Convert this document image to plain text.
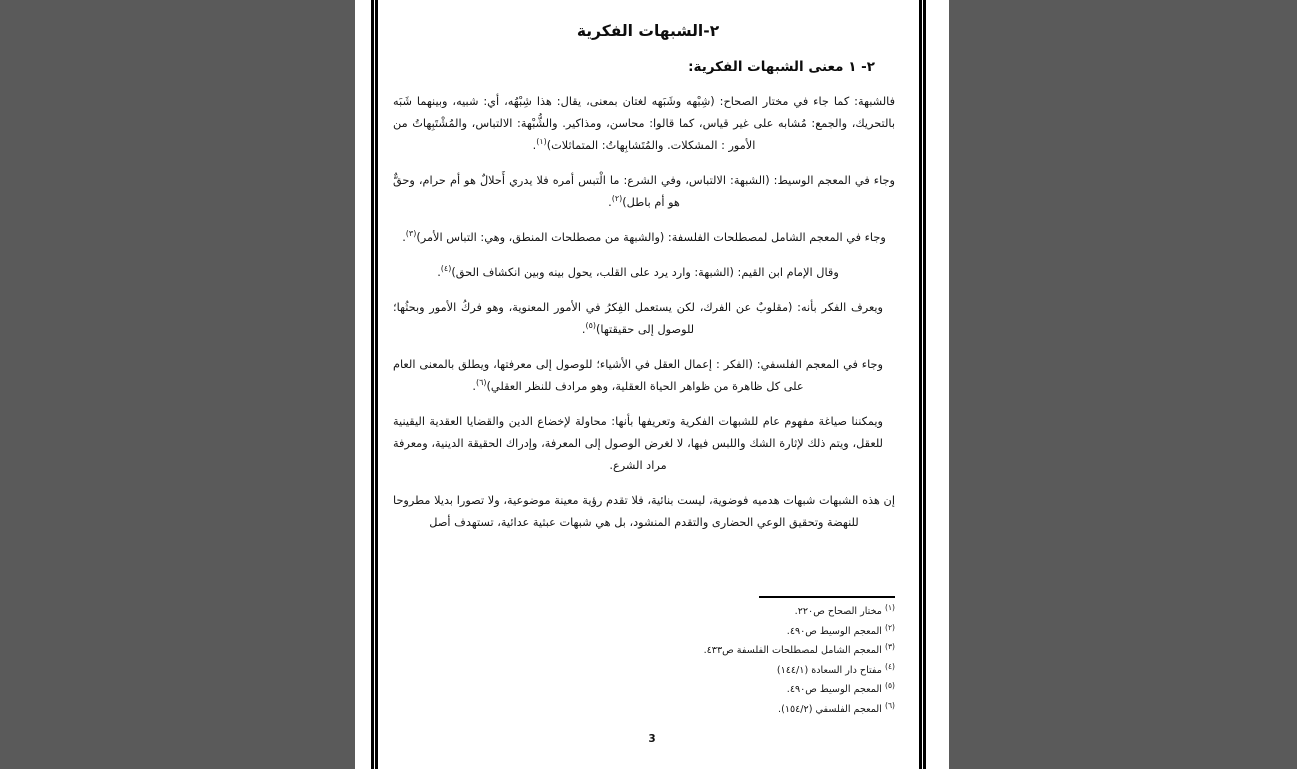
٢-الشبهات الفكرية
٢- ١ معنى الشبهات الفكرية:

فالشبهة: كما جاء في مختار الصحاح: (شِبْهه وشَبَهه لغتان بمعنى، يقال: هذا شِبْهُه، أي: شبيه، وبينهما شَبَه بالتحريك، والجمع: مُشابه على غير قياس، كما قالوا: محاسن، ومذاكير. والشُّبْهة: الالتباس، والمُشْتَبِهاتُ من الأمور : المشكلات. والمُتَشابِهاتُ: المتماثلات)$^{(١)}$.

وجاء في المعجم الوسيط: (الشبهة: الالتباس، وفي الشرع: ما الْتبس أمره فلا يدري أَحلالٌ هو أم حرام، وحقٌّ هو أم باطل)$^{(٢)}$.

وجاء في المعجم الشامل لمصطلحات الفلسفة: (والشبهة من مصطلحات المنطق، وهي: التباس الأمر)$^{(٣)}$.

وقال الإمام ابن القيم: (الشبهة: وارد يرد على القلب، يحول بينه وبين انكشاف الحق)$^{(٤)}$.

ويعرف الفكر بأنه: (مقلوبٌ عن الفرك، لكن يستعمل الفِكرُ في الأمور المعنوية، وهو فركُ الأمور وبحثُها؛ للوصول إلى حقيقتها)$^{(٥)}$.

وجاء في المعجم الفلسفي: (الفكر : إعمال العقل في الأشياء؛ للوصول إلى معرفتها، ويطلق بالمعنى العام على كل ظاهرة من ظواهر الحياة العقلية، وهو مرادف للنظر العقلي)$^{(٦)}$.

ويمكننا صياغة مفهوم عام للشبهات الفكرية وتعريفها بأنها: محاولة لإخضاع الدين والقضايا العقدية اليقينية للعقل، ويتم ذلك لإثارة الشك واللبس فيها، لا لغرض الوصول إلى المعرفة، وإدراك الحقيقة الدينية، ومعرفة مراد الشرع.

إن هذه الشبهات شبهات هدميه فوضوية، ليست بنائية، فلا تقدم رؤية معينة موضوعية، ولا تصورا بديلا مطروحا للنهضة وتحقيق الوعي الحضارى والتقدم المنشود، بل هي شبهات عبثية عدائية، تستهدف أصل

$^{(١)}$ مختار الصحاح ص٢٢٠.
$^{(٢)}$ المعجم الوسيط ص٤٩٠.
$^{(٣)}$ المعجم الشامل لمصطلحات الفلسفة ص٤٣٣.
$^{(٤)}$ مفتاح دار السعادة (١٤٤/١)
$^{(٥)}$ المعجم الوسيط ص٤٩٠.
$^{(٦)}$ المعجم الفلسفي (١٥٤/٢).
3
